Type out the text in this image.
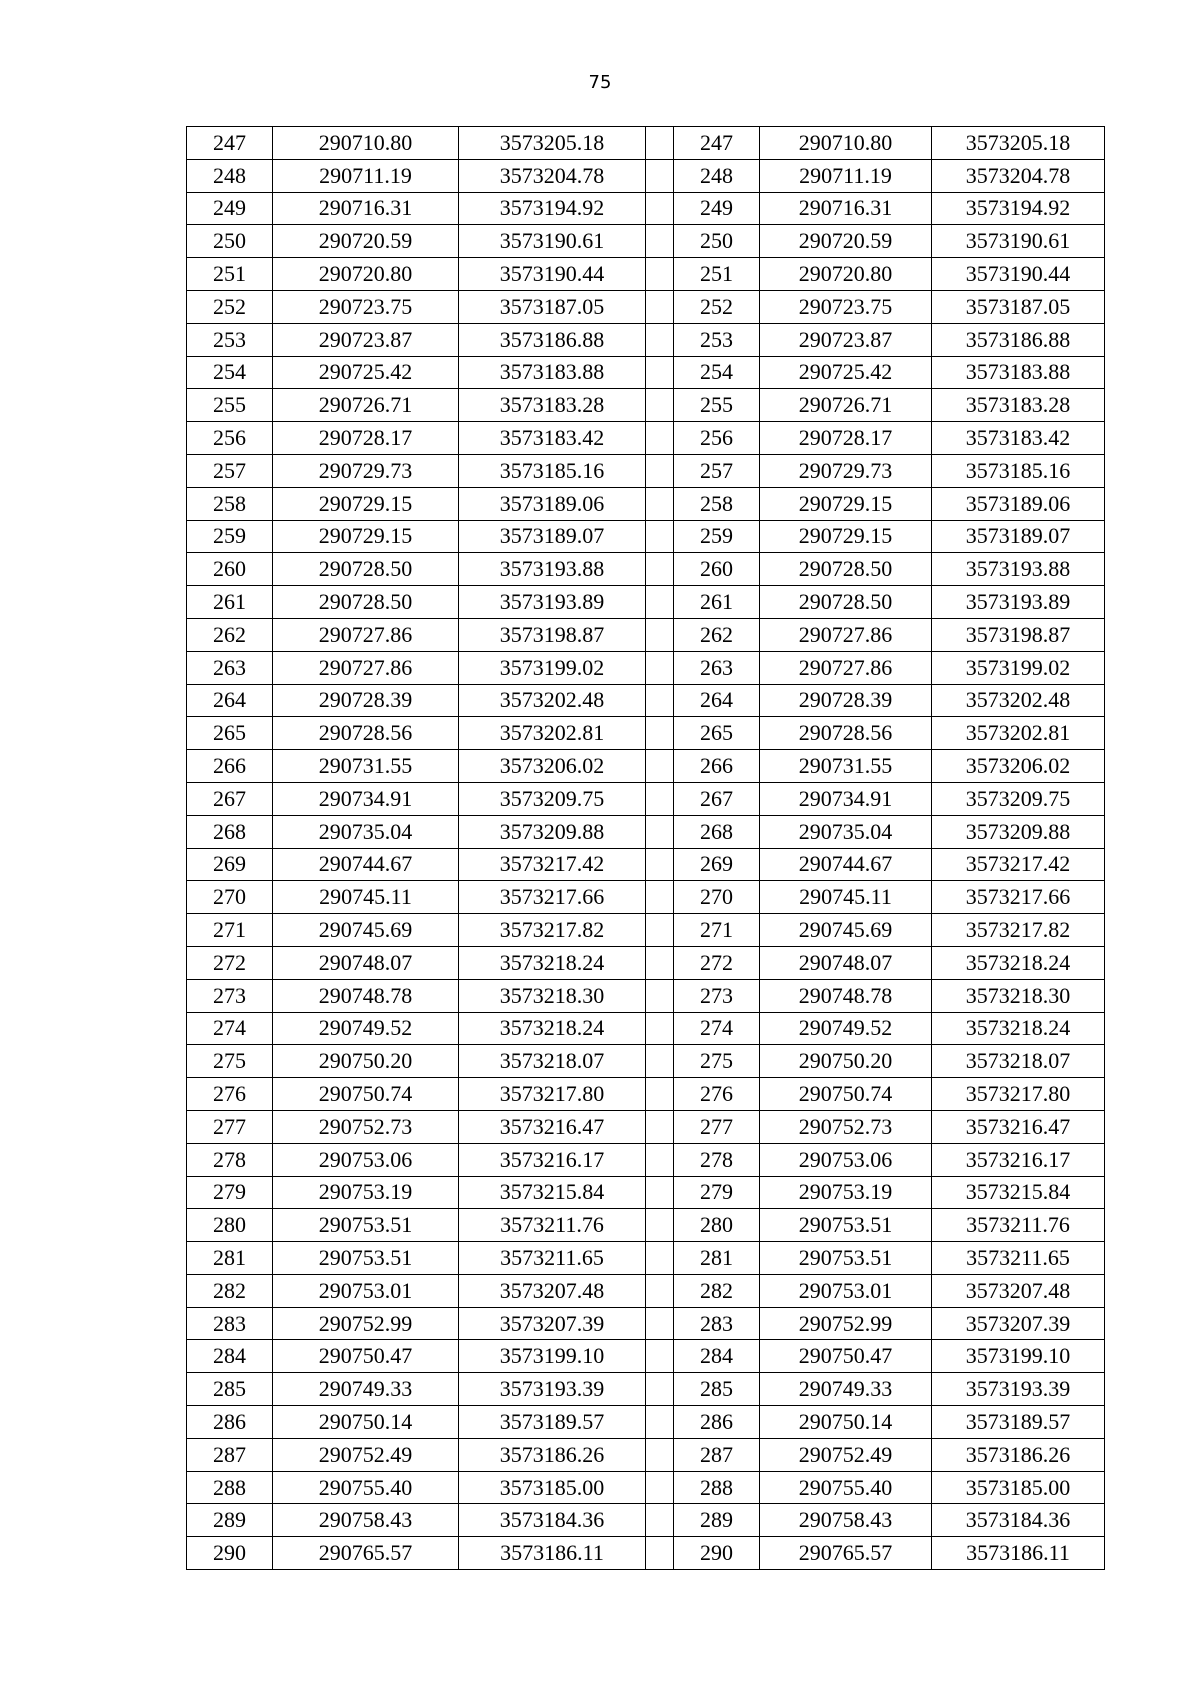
75
247	290710.80	3573205.18		247	290710.80	3573205.18
248	290711.19	3573204.78		248	290711.19	3573204.78
249	290716.31	3573194.92		249	290716.31	3573194.92
250	290720.59	3573190.61		250	290720.59	3573190.61
251	290720.80	3573190.44		251	290720.80	3573190.44
252	290723.75	3573187.05		252	290723.75	3573187.05
253	290723.87	3573186.88		253	290723.87	3573186.88
254	290725.42	3573183.88		254	290725.42	3573183.88
255	290726.71	3573183.28		255	290726.71	3573183.28
256	290728.17	3573183.42		256	290728.17	3573183.42
257	290729.73	3573185.16		257	290729.73	3573185.16
258	290729.15	3573189.06		258	290729.15	3573189.06
259	290729.15	3573189.07		259	290729.15	3573189.07
260	290728.50	3573193.88		260	290728.50	3573193.88
261	290728.50	3573193.89		261	290728.50	3573193.89
262	290727.86	3573198.87		262	290727.86	3573198.87
263	290727.86	3573199.02		263	290727.86	3573199.02
264	290728.39	3573202.48		264	290728.39	3573202.48
265	290728.56	3573202.81		265	290728.56	3573202.81
266	290731.55	3573206.02		266	290731.55	3573206.02
267	290734.91	3573209.75		267	290734.91	3573209.75
268	290735.04	3573209.88		268	290735.04	3573209.88
269	290744.67	3573217.42		269	290744.67	3573217.42
270	290745.11	3573217.66		270	290745.11	3573217.66
271	290745.69	3573217.82		271	290745.69	3573217.82
272	290748.07	3573218.24		272	290748.07	3573218.24
273	290748.78	3573218.30		273	290748.78	3573218.30
274	290749.52	3573218.24		274	290749.52	3573218.24
275	290750.20	3573218.07		275	290750.20	3573218.07
276	290750.74	3573217.80		276	290750.74	3573217.80
277	290752.73	3573216.47		277	290752.73	3573216.47
278	290753.06	3573216.17		278	290753.06	3573216.17
279	290753.19	3573215.84		279	290753.19	3573215.84
280	290753.51	3573211.76		280	290753.51	3573211.76
281	290753.51	3573211.65		281	290753.51	3573211.65
282	290753.01	3573207.48		282	290753.01	3573207.48
283	290752.99	3573207.39		283	290752.99	3573207.39
284	290750.47	3573199.10		284	290750.47	3573199.10
285	290749.33	3573193.39		285	290749.33	3573193.39
286	290750.14	3573189.57		286	290750.14	3573189.57
287	290752.49	3573186.26		287	290752.49	3573186.26
288	290755.40	3573185.00		288	290755.40	3573185.00
289	290758.43	3573184.36		289	290758.43	3573184.36
290	290765.57	3573186.11		290	290765.57	3573186.11
